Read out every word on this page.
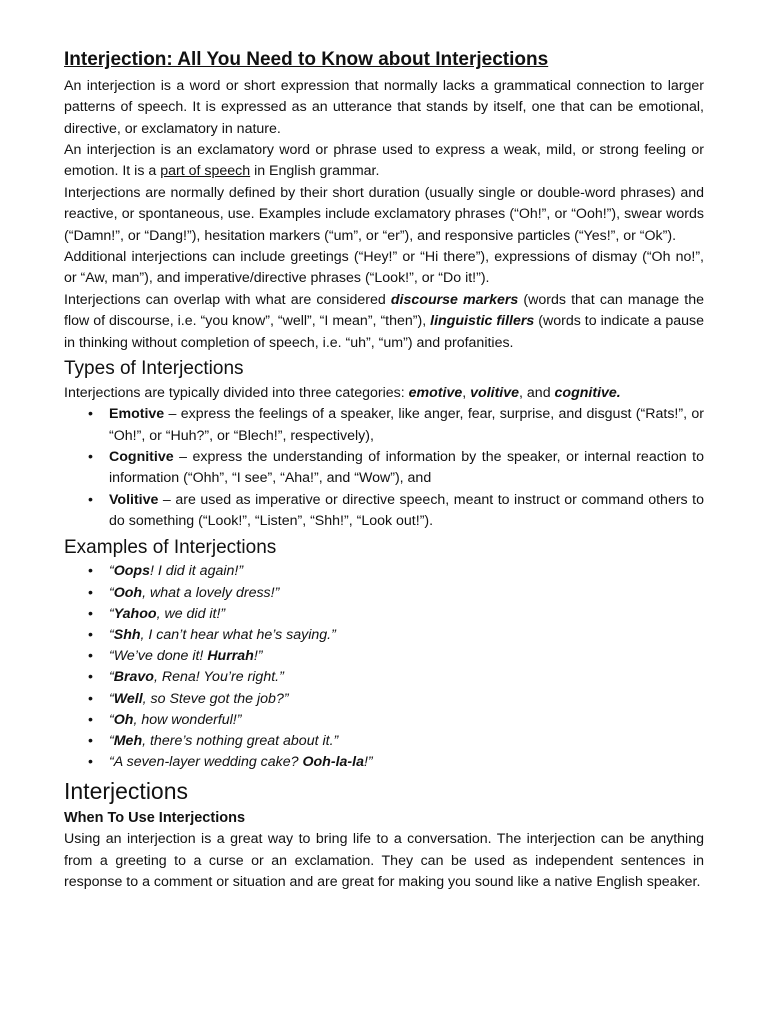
Interjection: All You Need to Know about Interjections

An interjection is a word or short expression that normally lacks a grammatical connection to larger patterns of speech. It is expressed as an utterance that stands by itself, one that can be emotional, directive, or exclamatory in nature.

An interjection is an exclamatory word or phrase used to express a weak, mild, or strong feeling or emotion. It is a part of speech in English grammar.

Interjections are normally defined by their short duration (usually single or double-word phrases) and reactive, or spontaneous, use. Examples include exclamatory phrases (“Oh!”, or “Ooh!”), swear words (“Damn!”, or “Dang!”), hesitation markers (“um”, or “er”), and responsive particles (“Yes!”, or “Ok”).

Additional interjections can include greetings (“Hey!” or “Hi there”), expressions of dismay (“Oh no!”, or “Aw, man”), and imperative/directive phrases (“Look!”, or “Do it!”).

Interjections can overlap with what are considered discourse markers (words that can manage the flow of discourse, i.e. “you know”, “well”, “I mean”, “then”), linguistic fillers (words to indicate a pause in thinking without completion of speech, i.e. “uh”, “um”) and profanities.

Types of Interjections

Interjections are typically divided into three categories: emotive, volitive, and cognitive.

• Emotive – express the feelings of a speaker, like anger, fear, surprise, and disgust (“Rats!”, or “Oh!”, or “Huh?”, or “Blech!”, respectively),
• Cognitive – express the understanding of information by the speaker, or internal reaction to information (“Ohh”, “I see”, “Aha!”, and “Wow”), and
• Volitive – are used as imperative or directive speech, meant to instruct or command others to do something (“Look!”, “Listen”, “Shh!”, “Look out!”).
Examples of Interjections
• “Oops! I did it again!”
• “Ooh, what a lovely dress!”
• “Yahoo, we did it!”
• “Shh, I can’t hear what he’s saying.”
• “We’ve done it! Hurrah!”
• “Bravo, Rena! You’re right.”
• “Well, so Steve got the job?”
• “Oh, how wonderful!”
• “Meh, there’s nothing great about it.”
• “A seven-layer wedding cake? Ooh-la-la!”
Interjections
When To Use Interjections

Using an interjection is a great way to bring life to a conversation. The interjection can be anything from a greeting to a curse or an exclamation. They can be used as independent sentences in response to a comment or situation and are great for making you sound like a native English speaker.
